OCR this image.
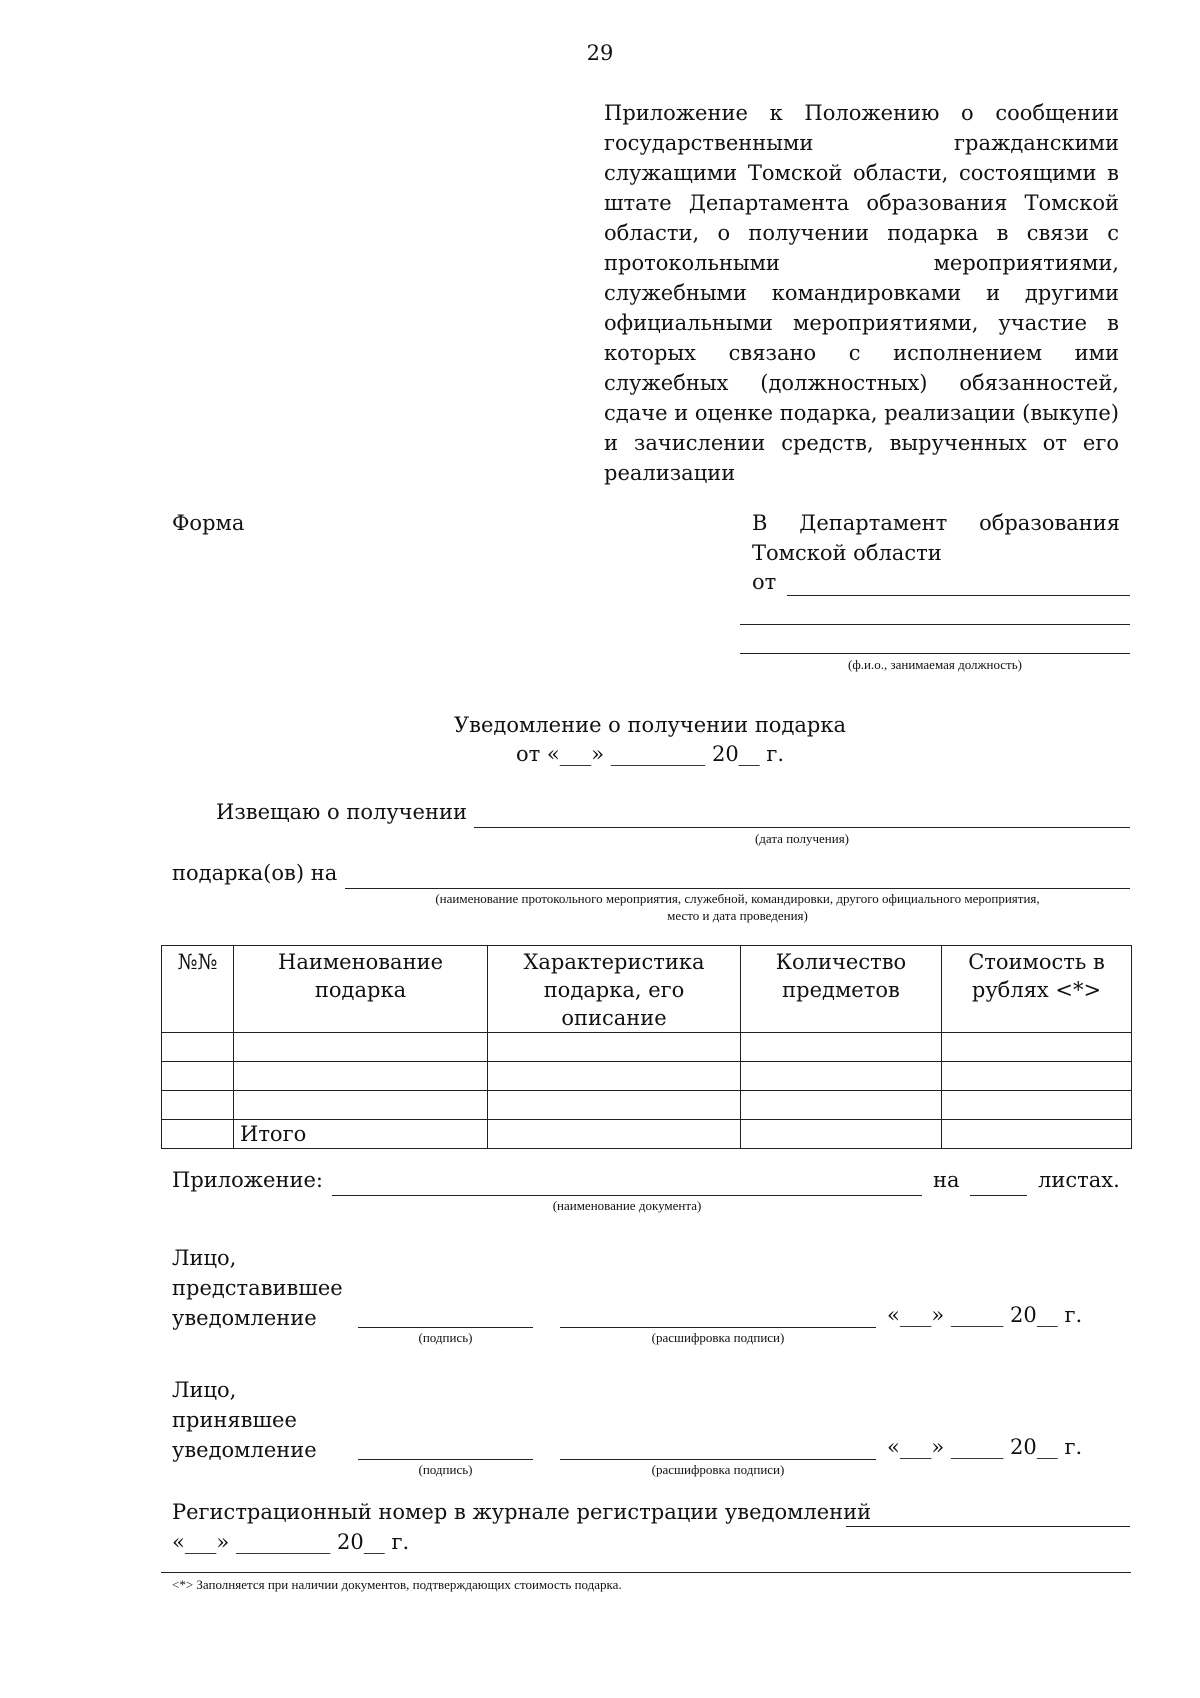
29
Приложение к Положению о сообщении государственными гражданскими служащими Томской области, состоящими в штате Департамента образования Томской области, о получении подарка в связи с протокольными мероприятиями, служебными командировками и другими официальными мероприятиями, участие в которых связано с исполнением ими служебных (должностных) обязанностей, сдаче и оценке подарка, реализации (выкупе) и зачислении средств, вырученных от его реализации
Форма	В Департамент образования Томской области
от
(ф.и.о., занимаемая должность)
Уведомление о получении подарка
от «___» _________ 20__ г.
Извещаю о получении
(дата получения)
подарка(ов) на
(наименование протокольного мероприятия, служебной, командировки, другого официального мероприятия,
место и дата проведения)
№№	Наименование подарка	Характеристика подарка, его описание	Количество предметов	Стоимость в рублях <*>

	Итого			
Приложение:
(наименование документа)
на	листах.
Лицо, представившее уведомление
(подпись)	(расшифровка подписи)
«___» _____ 20__ г.
Лицо, принявшее уведомление
(подпись)	(расшифровка подписи)
«___» _____ 20__ г.
Регистрационный номер в журнале регистрации уведомлений
«___» _________ 20__ г.
<*> Заполняется при наличии документов, подтверждающих стоимость подарка.
